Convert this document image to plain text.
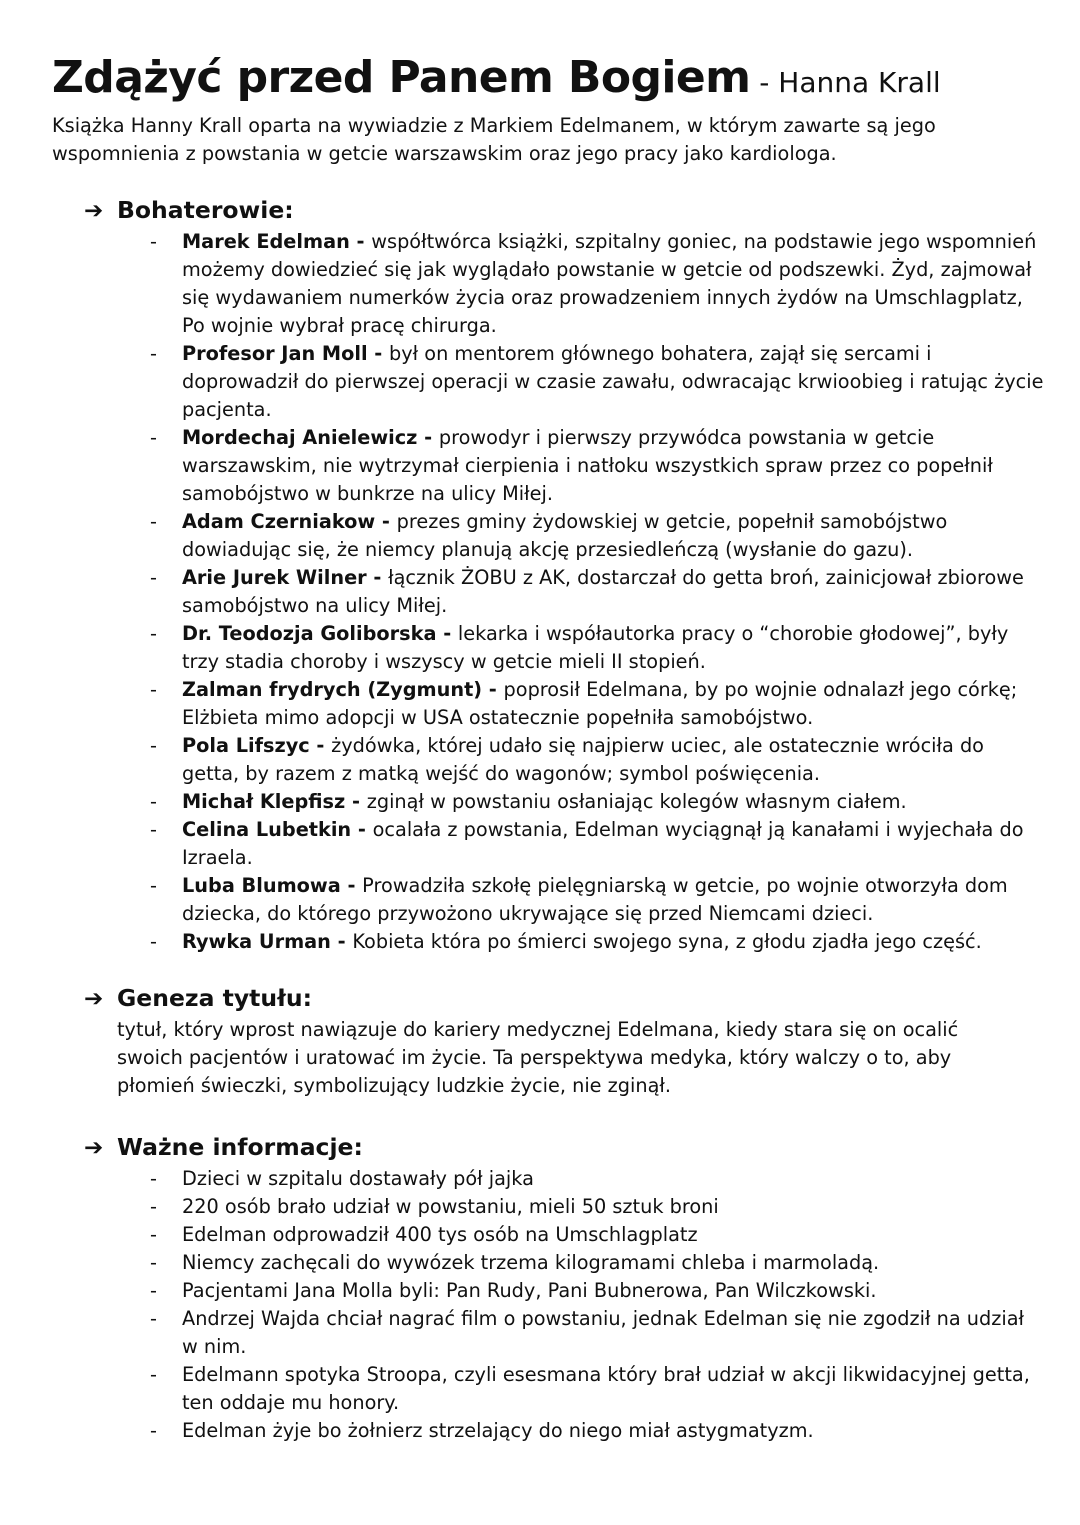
Zdążyć przed Panem Bogiem - Hanna Krall

Książka Hanny Krall oparta na wywiadzie z Markiem Edelmanem, w którym zawarte są jego wspomnienia z powstania w getcie warszawskim oraz jego pracy jako kardiologa.

➔ Bohaterowie:
- Marek Edelman - współtwórca książki, szpitalny goniec, na podstawie jego wspomnień możemy dowiedzieć się jak wyglądało powstanie w getcie od podszewki. Żyd, zajmował się wydawaniem numerków życia oraz prowadzeniem innych żydów na Umschlagplatz, Po wojnie wybrał pracę chirurga.
- Profesor Jan Moll - był on mentorem głównego bohatera, zajął się sercami i doprowadził do pierwszej operacji w czasie zawału, odwracając krwioobieg i ratując życie pacjenta.
- Mordechaj Anielewicz - prowodyr i pierwszy przywódca powstania w getcie warszawskim, nie wytrzymał cierpienia i natłoku wszystkich spraw przez co popełnił samobójstwo w bunkrze na ulicy Miłej.
- Adam Czerniakow - prezes gminy żydowskiej w getcie, popełnił samobójstwo dowiadując się, że niemcy planują akcję przesiedleńczą (wysłanie do gazu).
- Arie Jurek Wilner - łącznik ŻOBU z AK, dostarczał do getta broń, zainicjował zbiorowe samobójstwo na ulicy Miłej.
- Dr. Teodozja Goliborska - lekarka i współautorka pracy o “chorobie głodowej”, były trzy stadia choroby i wszyscy w getcie mieli II stopień.
- Zalman frydrych (Zygmunt) - poprosił Edelmana, by po wojnie odnalazł jego córkę; Elżbieta mimo adopcji w USA ostatecznie popełniła samobójstwo.
- Pola Lifszyc - żydówka, której udało się najpierw uciec, ale ostatecznie wróciła do getta, by razem z matką wejść do wagonów; symbol poświęcenia.
- Michał Klepfisz - zginął w powstaniu osłaniając kolegów własnym ciałem.
- Celina Lubetkin - ocalała z powstania, Edelman wyciągnął ją kanałami i wyjechała do Izraela.
- Luba Blumowa - Prowadziła szkołę pielęgniarską w getcie, po wojnie otworzyła dom dziecka, do którego przywożono ukrywające się przed Niemcami dzieci.
- Rywka Urman - Kobieta która po śmierci swojego syna, z głodu zjadła jego część.
➔ Geneza tytułu:

tytuł, który wprost nawiązuje do kariery medycznej Edelmana, kiedy stara się on ocalić swoich pacjentów i uratować im życie. Ta perspektywa medyka, który walczy o to, aby płomień świeczki, symbolizujący ludzkie życie, nie zginął.

➔ Ważne informacje:
- Dzieci w szpitalu dostawały pół jajka
- 220 osób brało udział w powstaniu, mieli 50 sztuk broni
- Edelman odprowadził 400 tys osób na Umschlagplatz
- Niemcy zachęcali do wywózek trzema kilogramami chleba i marmoladą.
- Pacjentami Jana Molla byli: Pan Rudy, Pani Bubnerowa, Pan Wilczkowski.
- Andrzej Wajda chciał nagrać film o powstaniu, jednak Edelman się nie zgodził na udział w nim.
- Edelmann spotyka Stroopa, czyli esesmana który brał udział w akcji likwidacyjnej getta, ten oddaje mu honory.
- Edelman żyje bo żołnierz strzelający do niego miał astygmatyzm.
